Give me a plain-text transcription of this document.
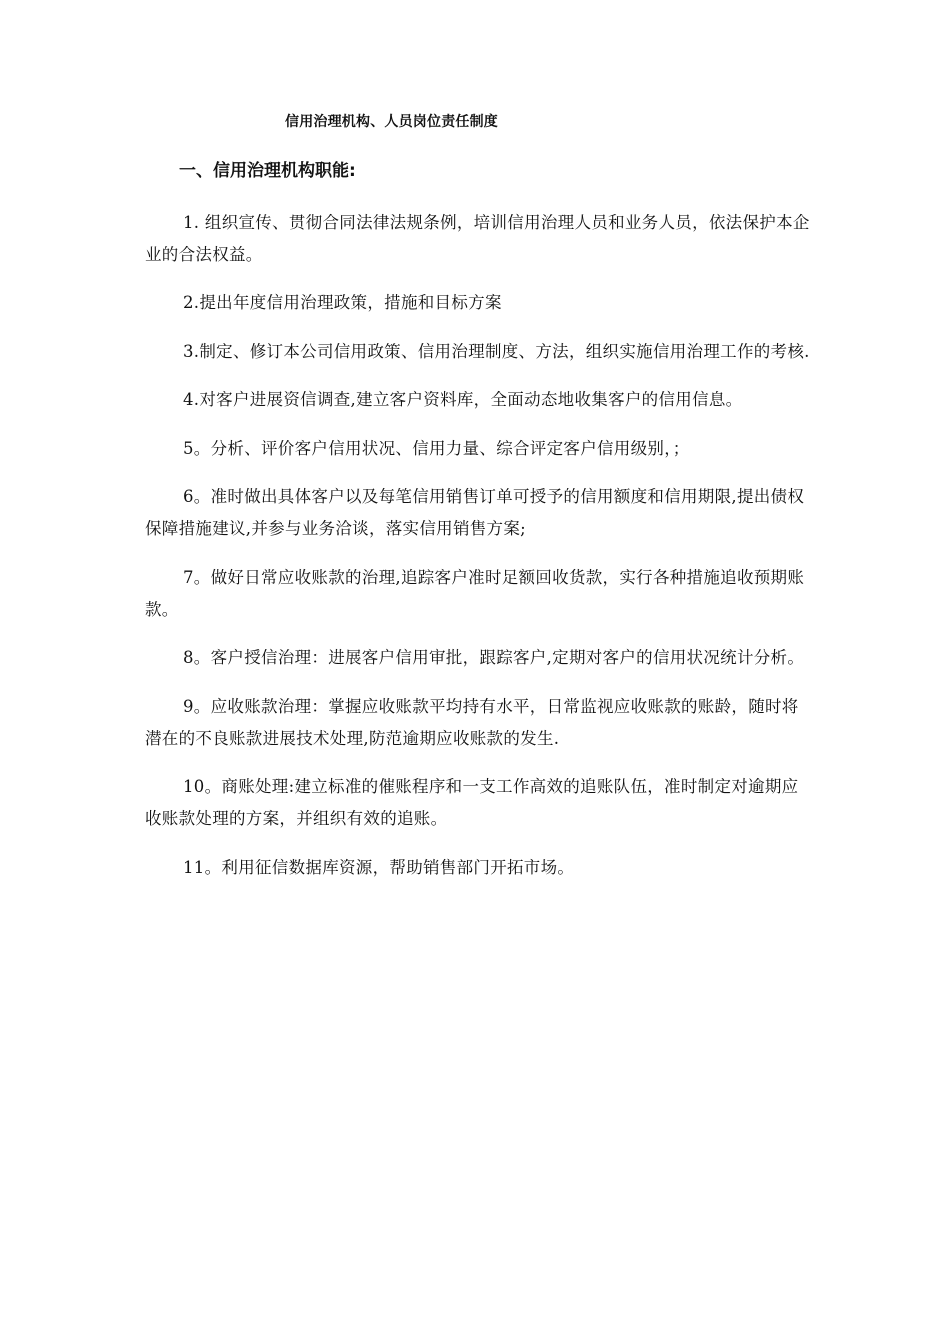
信用治理机构、人员岗位责任制度
一、信用治理机构职能:

1. 组织宣传、贯彻合同法律法规条例，培训信用治理人员和业务人员，依法保护本企业的合法权益。

2.提出年度信用治理政策，措施和目标方案

3.制定、修订本公司信用政策、信用治理制度、方法，组织实施信用治理工作的考核.

4.对客户进展资信调查,建立客户资料库，全面动态地收集客户的信用信息。

5。分析、评价客户信用状况、信用力量、综合评定客户信用级别，；

6。准时做出具体客户以及每笔信用销售订单可授予的信用额度和信用期限,提出债权保障措施建议,并参与业务洽谈，落实信用销售方案;

7。做好日常应收账款的治理,追踪客户准时足额回收货款，实行各种措施追收预期账款。

8。客户授信治理：进展客户信用审批，跟踪客户,定期对客户的信用状况统计分析。

9。应收账款治理：掌握应收账款平均持有水平，日常监视应收账款的账龄，随时将潜在的不良账款进展技术处理,防范逾期应收账款的发生.

10。商账处理:建立标准的催账程序和一支工作高效的追账队伍，准时制定对逾期应收账款处理的方案，并组织有效的追账。

11。利用征信数据库资源，帮助销售部门开拓市场。
